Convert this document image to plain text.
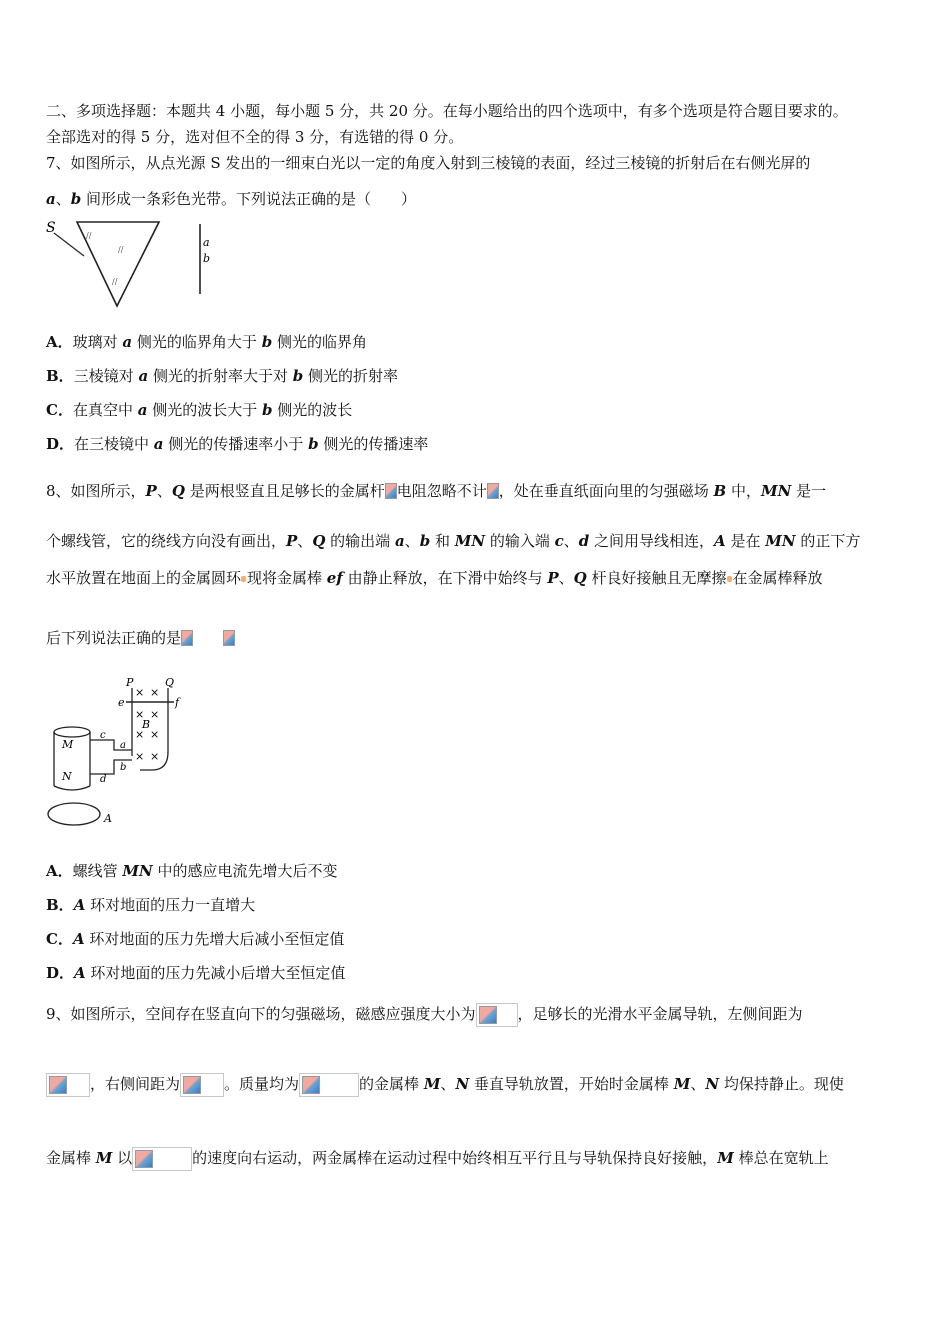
二、多项选择题：本题共 4 小题，每小题 5 分，共 20 分。在每小题给出的四个选项中，有多个选项是符合题目要求的。
全部选对的得 5 分，选对但不全的得 3 分，有选错的得 0 分。
7、如图所示，从点光源 S 发出的一细束白光以一定的角度入射到三棱镜的表面，经过三棱镜的折射后在右侧光屏的
a、b 间形成一条彩色光带。下列说法正确的是（　　）
S	//
//
//
a
b
A．玻璃对 a 侧光的临界角大于 b 侧光的临界角
B．三棱镜对 a 侧光的折射率大于对 b 侧光的折射率
C．在真空中 a 侧光的波长大于 b 侧光的波长
D．在三棱镜中 a 侧光的传播速率小于 b 侧光的传播速率
8、如图所示，P、Q 是两根竖直且足够长的金属杆 电阻忽略不计 ，处在垂直纸面向里的匀强磁场 B 中，MN 是一
个螺线管，它的绕线方向没有画出，P、Q 的输出端 a、b 和 MN 的输入端 c、d 之间用导线相连，A 是在 MN 的正下方
水平放置在地面上的金属圆环 现将金属棒 ef 由静止释放，在下滑中始终与 P、Q 杆良好接触且无摩擦 在金属棒释放
后下列说法正确的是
P	Q
e	f
× ×
× ×
B
× ×
× ×
M
N
c
a
b
d
A
A．螺线管 MN 中的感应电流先增大后不变
B．A 环对地面的压力一直增大
C．A 环对地面的压力先增大后减小至恒定值
D．A 环对地面的压力先减小后增大至恒定值
9、如图所示，空间存在竖直向下的匀强磁场，磁感应强度大小为	，足够长的光滑水平金属导轨，左侧间距为
，右侧间距为	。质量均为	的金属棒 M、N 垂直导轨放置，开始时金属棒 M、N 均保持静止。现使
金属棒 M 以	的速度向右运动，两金属棒在运动过程中始终相互平行且与导轨保持良好接触，M 棒总在宽轨上
